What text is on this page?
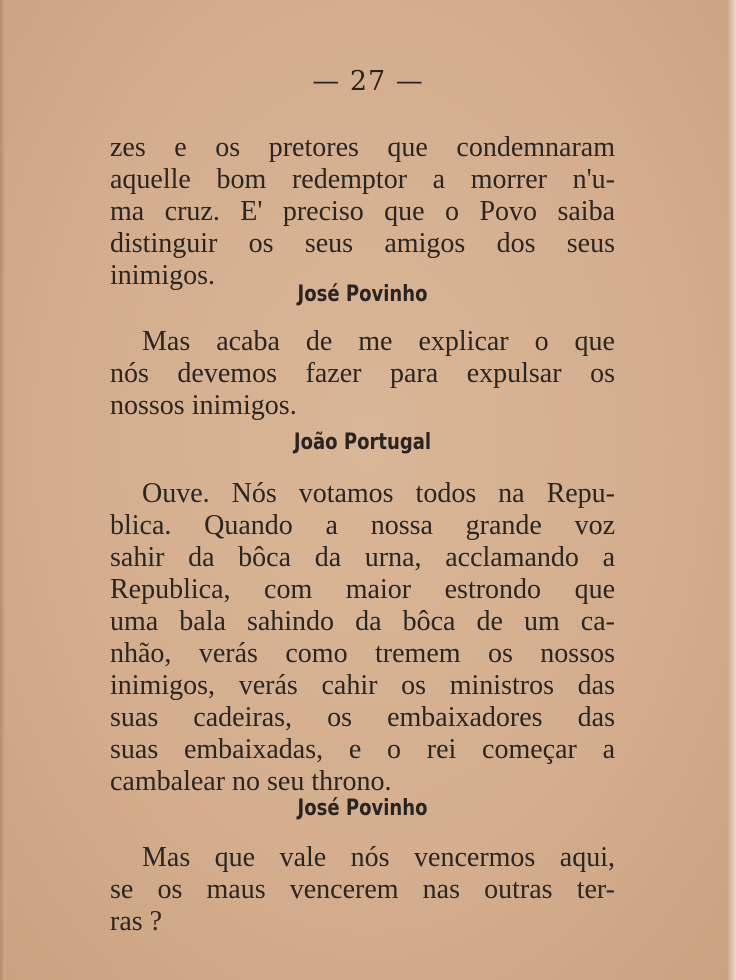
— 27 —
zes e os pretores que condemnaram
aquelle bom redemptor a morrer n'u-
ma cruz. E' preciso que o Povo saiba
distinguir os seus amigos dos seus
inimigos.
José Povinho
Mas acaba de me explicar o que
nós devemos fazer para expulsar os
nossos inimigos.
João Portugal
Ouve. Nós votamos todos na Repu-
blica. Quando a nossa grande voz
sahir da bôca da urna, acclamando a
Republica, com maior estrondo que
uma bala sahindo da bôca de um ca-
nhão, verás como tremem os nossos
inimigos, verás cahir os ministros das
suas cadeiras, os embaixadores das
suas embaixadas, e o rei começar a
cambalear no seu throno.
José Povinho
Mas que vale nós vencermos aqui,
se os maus vencerem nas outras ter-
ras ?
